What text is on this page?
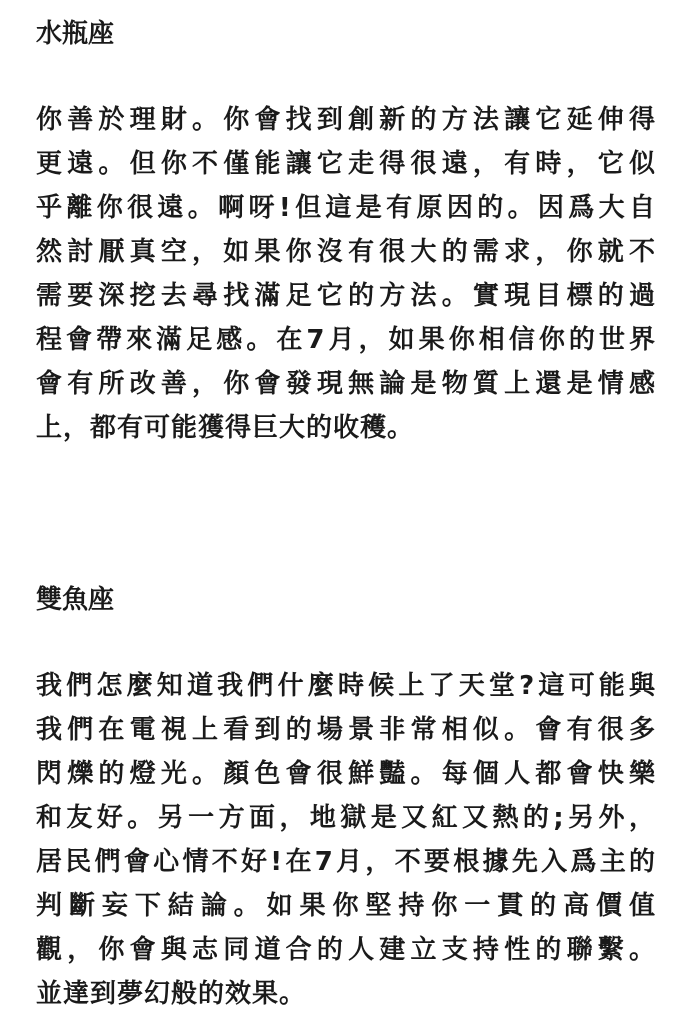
水瓶座
你善於理財。你會找到創新的方法讓它延伸得
更遠。但你不僅能讓它走得很遠，有時，它似
乎離你很遠。啊呀!但這是有原因的。因爲大自
然討厭真空，如果你沒有很大的需求，你就不
需要深挖去尋找滿足它的方法。實現目標的過
程會帶來滿足感。在7月，如果你相信你的世界
會有所改善，你會發現無論是物質上還是情感
上，都有可能獲得巨大的收穫。
雙魚座
我們怎麼知道我們什麼時候上了天堂?這可能與
我們在電視上看到的場景非常相似。會有很多
閃爍的燈光。顏色會很鮮豔。每個人都會快樂
和友好。另一方面，地獄是又紅又熱的;另外，
居民們會心情不好!在7月，不要根據先入爲主的
判斷妄下結論。如果你堅持你一貫的高價值
觀，你會與志同道合的人建立支持性的聯繫。
並達到夢幻般的效果。
